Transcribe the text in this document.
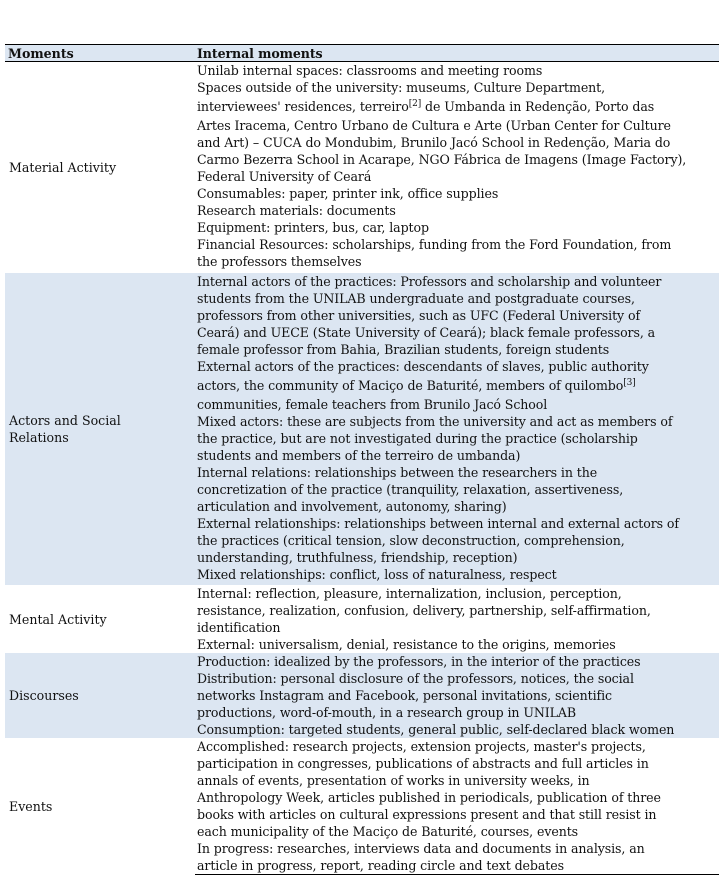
Moments	Internal moments
Material Activity
Unilab internal spaces: classrooms and meeting rooms
Spaces outside of the university: museums, Culture Department,
interviewees' residences, terreiro[2] de Umbanda in Redenção, Porto das
Artes Iracema, Centro Urbano de Cultura e Arte (Urban Center for Culture
and Art) – CUCA do Mondubim, Brunilo Jacó School in Redenção, Maria do
Carmo Bezerra School in Acarape, NGO Fábrica de Imagens (Image Factory),
Federal University of Ceará
Consumables: paper, printer ink, office supplies
Research materials: documents
Equipment: printers, bus, car, laptop
Financial Resources: scholarships, funding from the Ford Foundation, from
the professors themselves
Actors and Social
Relations
Internal actors of the practices: Professors and scholarship and volunteer
students from the UNILAB undergraduate and postgraduate courses,
professors from other universities, such as UFC (Federal University of
Ceará) and UECE (State University of Ceará); black female professors, a
female professor from Bahia, Brazilian students, foreign students
External actors of the practices: descendants of slaves, public authority
actors, the community of Maciço de Baturité, members of quilombo[3]
communities, female teachers from Brunilo Jacó School
Mixed actors: these are subjects from the university and act as members of
the practice, but are not investigated during the practice (scholarship
students and members of the terreiro de umbanda)
Internal relations: relationships between the researchers in the
concretization of the practice (tranquility, relaxation, assertiveness,
articulation and involvement, autonomy, sharing)
External relationships: relationships between internal and external actors of
the practices (critical tension, slow deconstruction, comprehension,
understanding, truthfulness, friendship, reception)
Mixed relationships: conflict, loss of naturalness, respect
Mental Activity
Internal: reflection, pleasure, internalization, inclusion, perception,
resistance, realization, confusion, delivery, partnership, self-affirmation,
identification
External: universalism, denial, resistance to the origins, memories
Discourses
Production: idealized by the professors, in the interior of the practices
Distribution: personal disclosure of the professors, notices, the social
networks Instagram and Facebook, personal invitations, scientific
productions, word-of-mouth, in a research group in UNILAB
Consumption: targeted students, general public, self-declared black women
Events
Accomplished: research projects, extension projects, master's projects,
participation in congresses, publications of abstracts and full articles in
annals of events, presentation of works in university weeks, in
Anthropology Week, articles published in periodicals, publication of three
books with articles on cultural expressions present and that still resist in
each municipality of the Maciço de Baturité, courses, events
In progress: researches, interviews data and documents in analysis, an
article in progress, report, reading circle and text debates
